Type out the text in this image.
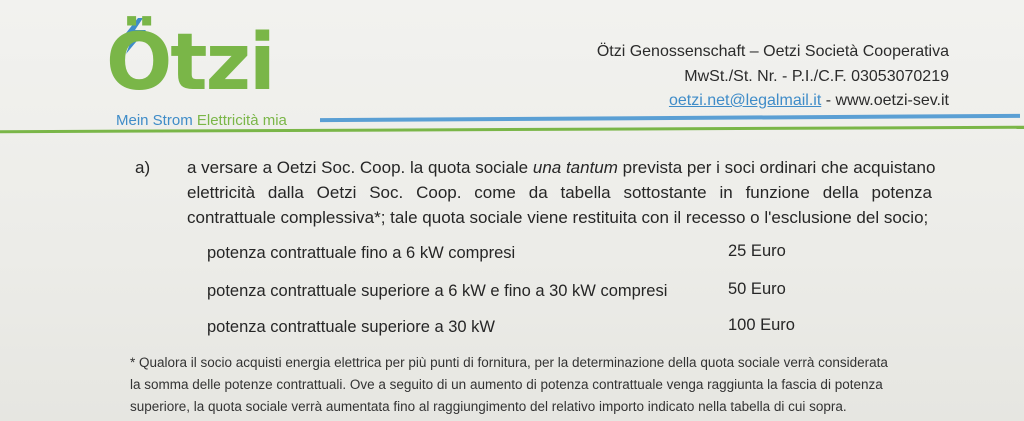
Ötzi
Mein Strom Elettricità mia
Ötzi Genossenschaft – Oetzi Società Cooperativa
MwSt./St. Nr. - P.I./C.F. 03053070219
oetzi.net@legalmail.it - www.oetzi-sev.it
a) a versare a Oetzi Soc. Coop. la quota sociale una tantum prevista per i soci ordinari che acquistano
elettricità dalla Oetzi Soc. Coop. come da tabella sottostante in funzione della potenza
contrattuale complessiva*; tale quota sociale viene restituita con il recesso o l'esclusione del socio;
potenza contrattuale fino a 6 kW compresi	25 Euro
potenza contrattuale superiore a 6 kW e fino a 30 kW compresi	50 Euro
potenza contrattuale superiore a 30 kW	100 Euro
* Qualora il socio acquisti energia elettrica per più punti di fornitura, per la determinazione della quota sociale verrà considerata
la somma delle potenze contrattuali. Ove a seguito di un aumento di potenza contrattuale venga raggiunta la fascia di potenza
superiore, la quota sociale verrà aumentata fino al raggiungimento del relativo importo indicato nella tabella di cui sopra.
